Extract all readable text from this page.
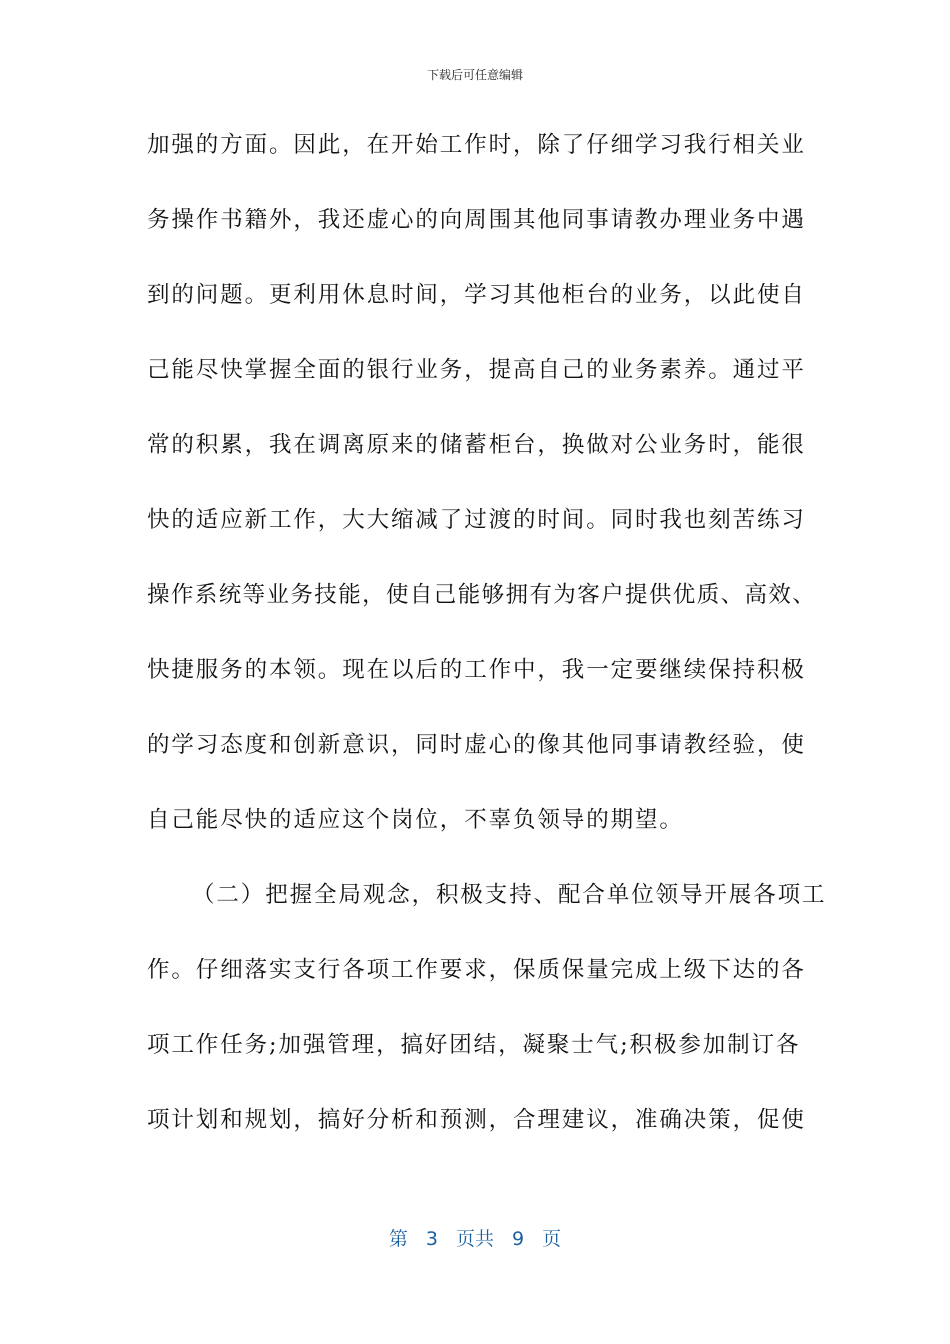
下载后可任意编辑
加强的方面。因此，在开始工作时，除了仔细学习我行相关业
务操作书籍外，我还虚心的向周围其他同事请教办理业务中遇
到的问题。更利用休息时间，学习其他柜台的业务，以此使自
己能尽快掌握全面的银行业务，提高自己的业务素养。通过平
常的积累，我在调离原来的储蓄柜台，换做对公业务时，能很
快的适应新工作，大大缩减了过渡的时间。同时我也刻苦练习
操作系统等业务技能，使自己能够拥有为客户提供优质、高效、
快捷服务的本领。现在以后的工作中，我一定要继续保持积极
的学习态度和创新意识，同时虚心的像其他同事请教经验，使
自己能尽快的适应这个岗位，不辜负领导的期望。
（二）把握全局观念，积极支持、配合单位领导开展各项工
作。仔细落实支行各项工作要求，保质保量完成上级下达的各
项工作任务;加强管理，搞好团结，凝聚士气;积极参加制订各
项计划和规划，搞好分析和预测，合理建议，准确决策，促使
第 3 页共 9 页
